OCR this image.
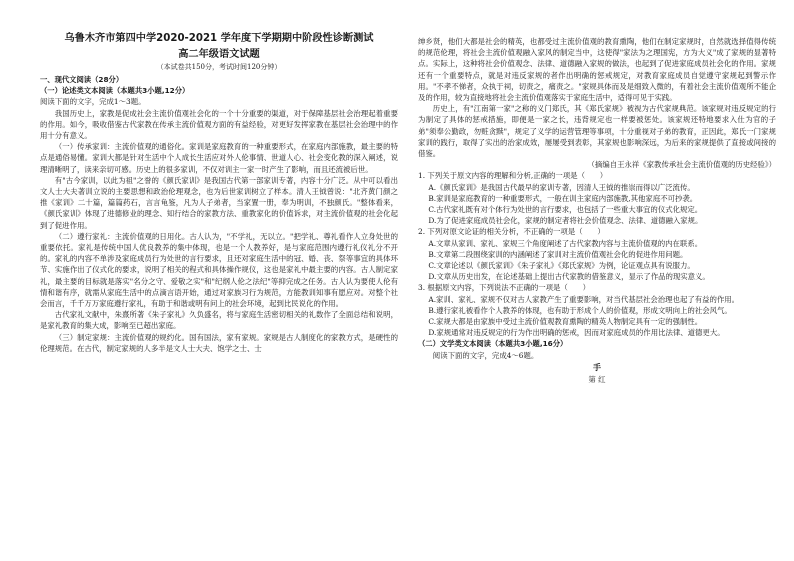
乌鲁木齐市第四中学2020-2021 学年度下学期期中阶段性诊断测试
高二年级语文试题
（本试卷共150分，考试时间120分钟）
一、现代文阅读（28分）
（一）论述类文本阅读（本题共3小题,12分）

阅读下面的文字，完成1～3题。

我国历史上，家教是促成社会主流价值观社会化的一个十分重要的渠道，对于保障基层社会治理起着重要的作用。如今，吸收借鉴古代家教在传承主流价值观方面的有益经验，对更好发挥家教在基层社会治理中的作用十分有意义。

（一）传承家训：主流价值观的通俗化。家训是家庭教育的一种重要形式，在家庭内部施教，最主要的特点是通俗易懂。家训大都是针对生活中个人成长生活应对外人伦事情、世道人心、社会变化教的深入阐述，说理清晰明了，读来亲切可感。历史上的很多家训，不仅对训主一家一时产生了影响，而且还流被后世。

有"古今家训，以此为祖"之誉的《颜氏家训》是我国古代第一部家训专著，内容十分广泛。从中可以看出文人士大夫著训立说的主要思想和政治伦理观念，也为后世家训树立了样本。清人王钺曾说："北齐黄门颜之推《家训》二十篇，篇篇药石，言言龟鉴，凡为人子弟者，当家置一册，奉为明训，不独颜氏。"整体看来，《颜氏家训》体现了进德修业的理念、知行结合的家教方法、重教家化的价值诉求，对主流价值观的社会化起到了促进作用。

（二）遵行家礼：主流价值观的日用化。古人认为，"不学礼，无以立。"把学礼、尊礼看作人立身处世的重要依托。家礼是传统中国人优良教养的集中体现，也是一个人教养好，是与家庭范围内遵行礼仪礼分不开的。家礼的内容不单涉及家庭成员行为处世的言行要求，且还对家庭生活中的冠、婚、丧、祭等事宜的具体环节、实施作出了仪式化的要求，说明了相关的程式和具体操作规仪，这也是家礼中最主要的内容。古人制定家礼，最主要的目标就是落实"名分之守、爱敬之实"和"纪纲人伦之法纪"等抑完成之任务。古人认为要使人伦有情和谐有序，就需从家庭生活中的点滴言语开始，通过对家族习行为规范，方能教训知事有愿应对。对整个社会而言，千千万万家庭遵行家礼，有助于和谐或明有问上的社会环境，起到比民说化的作用。

古代家礼文献中，朱熹所著《朱子家礼》久负盛名，将与家庭生活密切相关的礼数作了全面总结和说明，是家礼教育的集大成，影响至已超出家庭。

（三）制定家规：主流价值观的规约化。国有国法，家有家规。家规是古人制度化的家教方式，是硬性的伦理规范。在古代，制定家规的人多半是文人士大夫、饱学之士、士

绅乡贤，他们大都是社会的精英，也都受过主流价值观的教育熏陶，他们在制定家规时，自然就选择值得传统的规范伦理，将社会主流价值观融入家风的制定当中，这使得"家法为之理国宪，方为大义"成了家规的显著特点。实际上，这种将社会价值观念、法律、道德融入家规的做法，也起到了促进家庭成员社会化的作用。家规还有一个重要特点，就是对违反家规的者作出明确的惩戒规定，对教育家庭成员自觉遵守家规起到警示作用。"不孝不悌者，众执于祠，切责之，痛责之。"家规具体而及是细致入微的，有着社会主流价值观所不能企及的作用，较为直接地将社会主流价值观落实于家庭生活中，适得可见于实践。

历史上，有"江南第一家"之称的义门郑氏，其《郑氏家规》被视为古代家规典范。该家规对违反规定的行为制定了具体的惩戒措施，即便是一家之长，违背规定也一样要被惩处。该家规还特地要求入仕为官的子弟"须奉公勤政，勿赃贪黩"，规定了义学的运营管理等事项，十分重视对子弟的教育，正因此，郑氏一门家规家训的践行，取得了实出的治家成效，屡屡受到表彰，其家规也影响深远，为后来的家规提供了直接或间接的借鉴。

（摘编自王永祥《家教传承社会主流价值观的历史经验》）

1. 下列关于原文内容的理解和分析,正确的一项是（　　）

A.《颜氏家训》是我国古代最早的家训专著，因清人王钺的推崇而得以广泛流传。

B.家训是家庭教育的一种重要形式，一般在训主家庭内部施教,其他家庭不可抄袭。

C.古代家礼既有对个体行为处世的言行要求，也包括了一些重大事宜的仪式化规定。

D.为了促进家庭成员社会化，家规的制定者将社会价值观念、法律、道德融入家规。

2. 下列对原文论证的相关分析，不正确的一项是（　　）

A.文章从家训、家礼、家规三个角度阐述了古代家教内容与主流价值观的内在联系。

B.文章第二段围绕家训的内涵阐述了家训对主流价值观社会化的促进作用问题。

C.文章论述以《颜氏家训》《朱子家礼》《郑氏家规》为例，论证观点具有说服力。

D.文章从历史出发，在论述基础上提出古代家教的借鉴意义，显示了作品的现实意义。

3. 根据原文内容，下列说法不正确的一项是（　　）

A.家训、家礼、家规不仅对古人家教产生了重要影响，对当代基层社会治理也起了有益的作用。

B.遵行家礼被看作个人教养的体现，也有助于形成个人的价值观，形成文明向上的社会风气。

C.家规大都是由家族中受过主流价值观教育熏陶的精英人物制定具有一定的强制性。

D.家规通常对违反规定的行为作出明确的惩戒，因而对家庭成员的作用比法律、道德更大。

（二）文学类文本阅读（本题共3小题,16分）

阅读下面的文字，完成4～6题。

手

第 红
